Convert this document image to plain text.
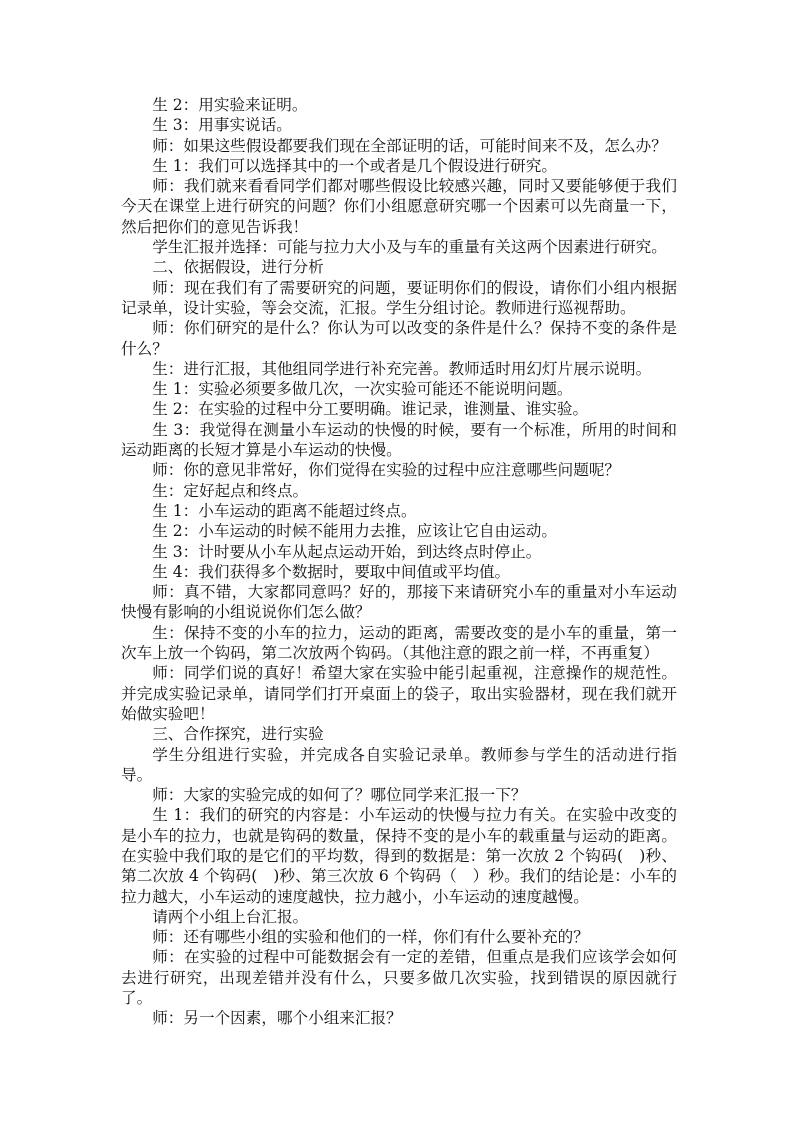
生 2：用实验来证明。

生 3：用事实说话。

师：如果这些假设都要我们现在全部证明的话，可能时间来不及，怎么办？

生 1：我们可以选择其中的一个或者是几个假设进行研究。

师：我们就来看看同学们都对哪些假设比较感兴趣，同时又要能够便于我们今天在课堂上进行研究的问题？你们小组愿意研究哪一个因素可以先商量一下，然后把你们的意见告诉我！

学生汇报并选择：可能与拉力大小及与车的重量有关这两个因素进行研究。

二、依据假设，进行分析

师：现在我们有了需要研究的问题，要证明你们的假设，请你们小组内根据记录单，设计实验，等会交流，汇报。学生分组讨论。教师进行巡视帮助。

师：你们研究的是什么？你认为可以改变的条件是什么？保持不变的条件是什么？

生：进行汇报，其他组同学进行补充完善。教师适时用幻灯片展示说明。

生 1：实验必须要多做几次，一次实验可能还不能说明问题。

生 2：在实验的过程中分工要明确。谁记录，谁测量、谁实验。

生 3：我觉得在测量小车运动的快慢的时候，要有一个标准，所用的时间和运动距离的长短才算是小车运动的快慢。

师：你的意见非常好，你们觉得在实验的过程中应注意哪些问题呢？

生：定好起点和终点。

生 1：小车运动的距离不能超过终点。

生 2：小车运动的时候不能用力去推，应该让它自由运动。

生 3：计时要从小车从起点运动开始，到达终点时停止。

生 4：我们获得多个数据时，要取中间值或平均值。

师：真不错，大家都同意吗？好的，那接下来请研究小车的重量对小车运动快慢有影响的小组说说你们怎么做？

生：保持不变的小车的拉力，运动的距离，需要改变的是小车的重量，第一次车上放一个钩码，第二次放两个钩码。（其他注意的跟之前一样，不再重复）

师：同学们说的真好！希望大家在实验中能引起重视，注意操作的规范性。并完成实验记录单，请同学们打开桌面上的袋子，取出实验器材，现在我们就开始做实验吧！

三、合作探究，进行实验

学生分组进行实验，并完成各自实验记录单。教师参与学生的活动进行指导。

师：大家的实验完成的如何了？哪位同学来汇报一下？

生 1：我们的研究的内容是：小车运动的快慢与拉力有关。在实验中改变的是小车的拉力，也就是钩码的数量，保持不变的是小车的载重量与运动的距离。在实验中我们取的是它们的平均数，得到的数据是：第一次放 2 个钩码(　)秒、第二次放 4 个钩码(　)秒、第三次放 6 个钩码（　）秒。我们的结论是：小车的拉力越大，小车运动的速度越快，拉力越小，小车运动的速度越慢。

请两个小组上台汇报。

师：还有哪些小组的实验和他们的一样，你们有什么要补充的？

师：在实验的过程中可能数据会有一定的差错，但重点是我们应该学会如何去进行研究，出现差错并没有什么，只要多做几次实验，找到错误的原因就行了。

师：另一个因素，哪个小组来汇报？
